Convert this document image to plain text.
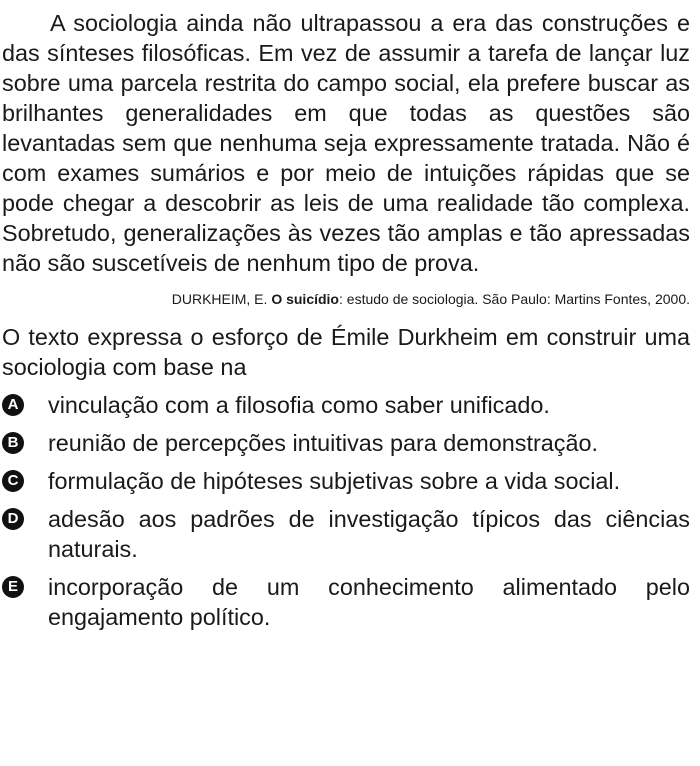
A sociologia ainda não ultrapassou a era das construções e das sínteses filosóficas. Em vez de assumir a tarefa de lançar luz sobre uma parcela restrita do campo social, ela prefere buscar as brilhantes generalidades em que todas as questões são levantadas sem que nenhuma seja expressamente tratada. Não é com exames sumários e por meio de intuições rápidas que se pode chegar a descobrir as leis de uma realidade tão complexa. Sobretudo, generalizações às vezes tão amplas e tão apressadas não são suscetíveis de nenhum tipo de prova.

DURKHEIM, E. O suicídio: estudo de sociologia. São Paulo: Martins Fontes, 2000.

O texto expressa o esforço de Émile Durkheim em construir uma sociologia com base na

A vinculação com a filosofia como saber unificado.
B reunião de percepções intuitivas para demonstração.
C formulação de hipóteses subjetivas sobre a vida social.
D adesão aos padrões de investigação típicos das ciências naturais.
E incorporação de um conhecimento alimentado pelo engajamento político.
